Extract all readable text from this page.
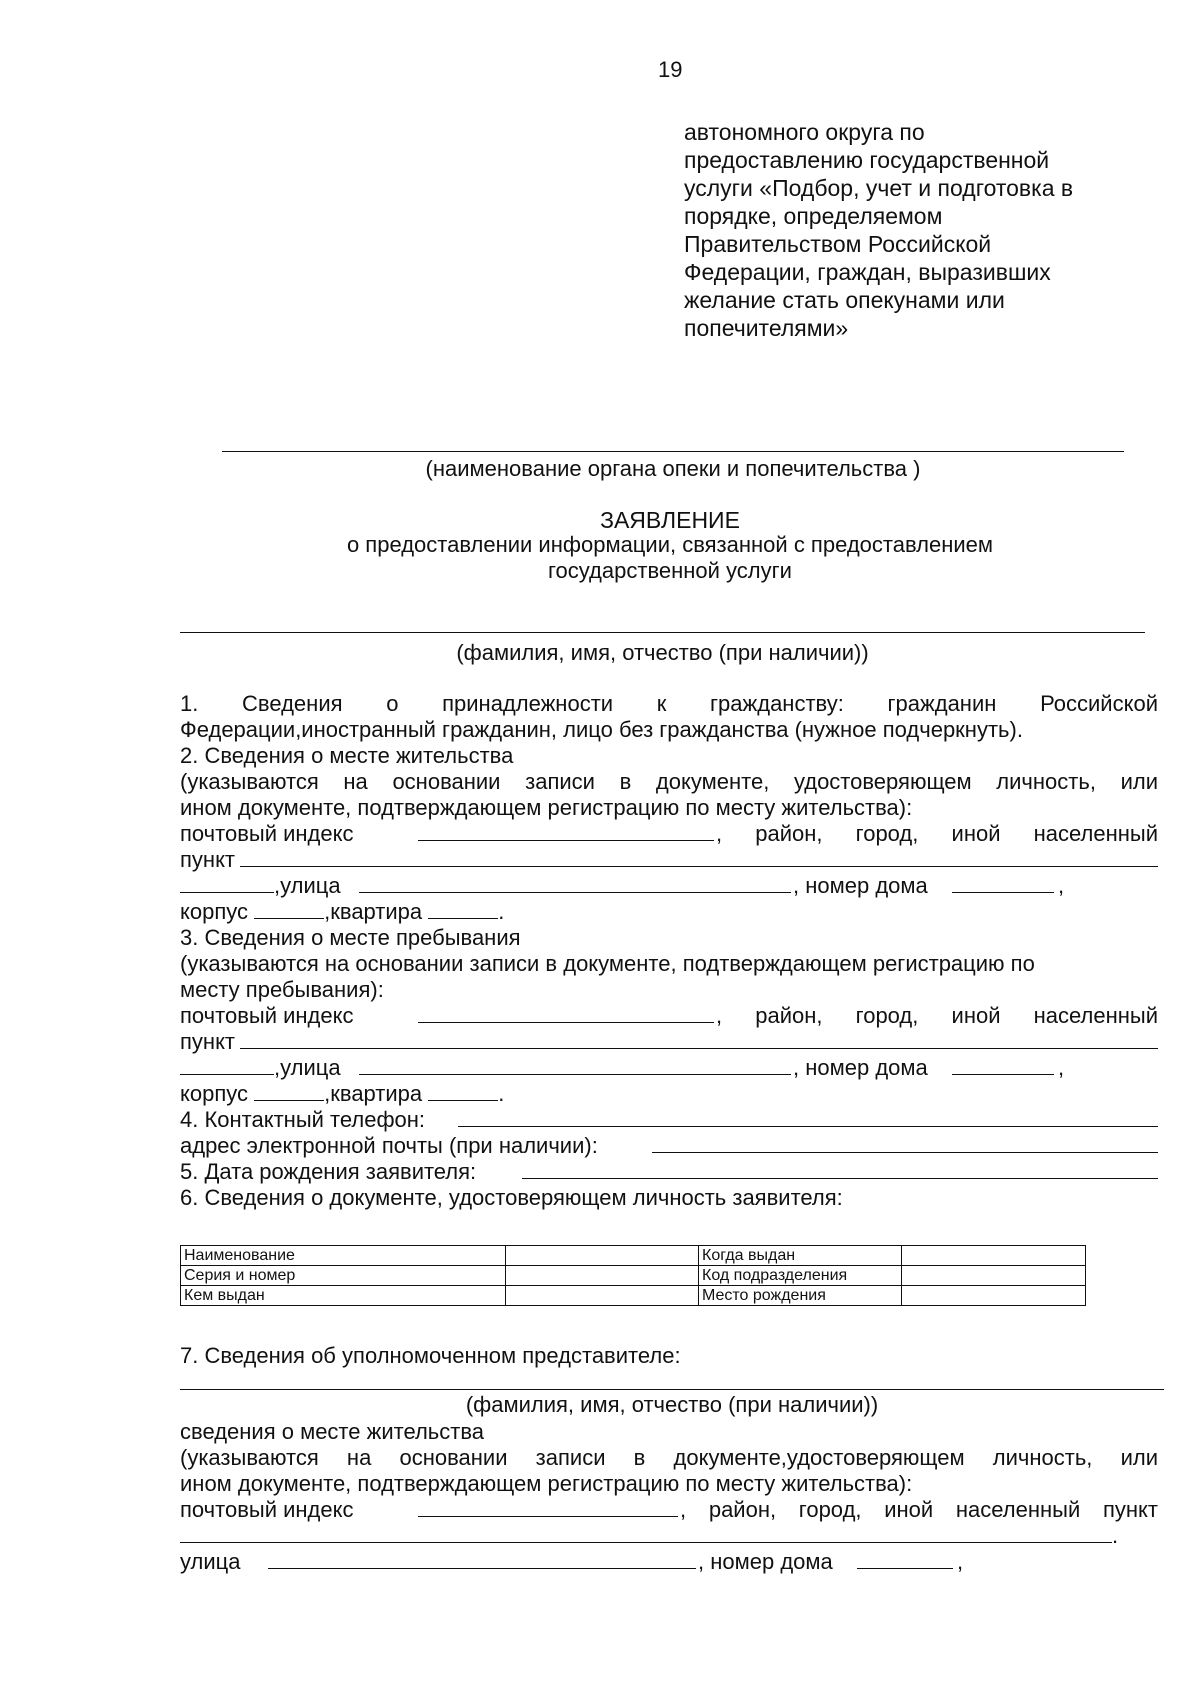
19
автономного округа по
предоставлению государственной
услуги «Подбор, учет и подготовка в
порядке, определяемом
Правительством Российской
Федерации, граждан, выразивших
желание стать опекунами или
попечителями»
(наименование органа опеки и попечительства )
ЗАЯВЛЕНИЕ
о предоставлении информации, связанной с предоставлением
государственной услуги
(фамилия, имя, отчество (при наличии))
1. Сведения о принадлежности к гражданству: гражданин Российской
Федерации,иностранный гражданин, лицо без гражданства (нужное подчеркнуть).
2. Сведения о месте жительства
(указываются на основании записи в документе, удостоверяющем личность, или
ином документе, подтверждающем регистрацию по месту жительства):
почтовый индекс	, район, город, иной населенный
пункт
,улица	, номер дома	,
корпус	,квартира	.
3. Сведения о месте пребывания
(указываются на основании записи в документе, подтверждающем регистрацию по
месту пребывания):
почтовый индекс	, район, город, иной населенный
пункт
,улица	, номер дома	,
корпус	,квартира	.
4. Контактный телефон:
адрес электронной почты (при наличии):
5. Дата рождения заявителя:
6. Сведения о документе, удостоверяющем личность заявителя:
Наименование		Когда выдан	
Серия и номер		Код подразделения	
Кем выдан		Место рождения	
7. Сведения об уполномоченном представителе:
(фамилия, имя, отчество (при наличии))
сведения о месте жительства
(указываются на основании записи в документе,удостоверяющем личность, или
ином документе, подтверждающем регистрацию по месту жительства):
почтовый индекс	, район, город, иной населенный пункт
.
улица	, номер дома	,
